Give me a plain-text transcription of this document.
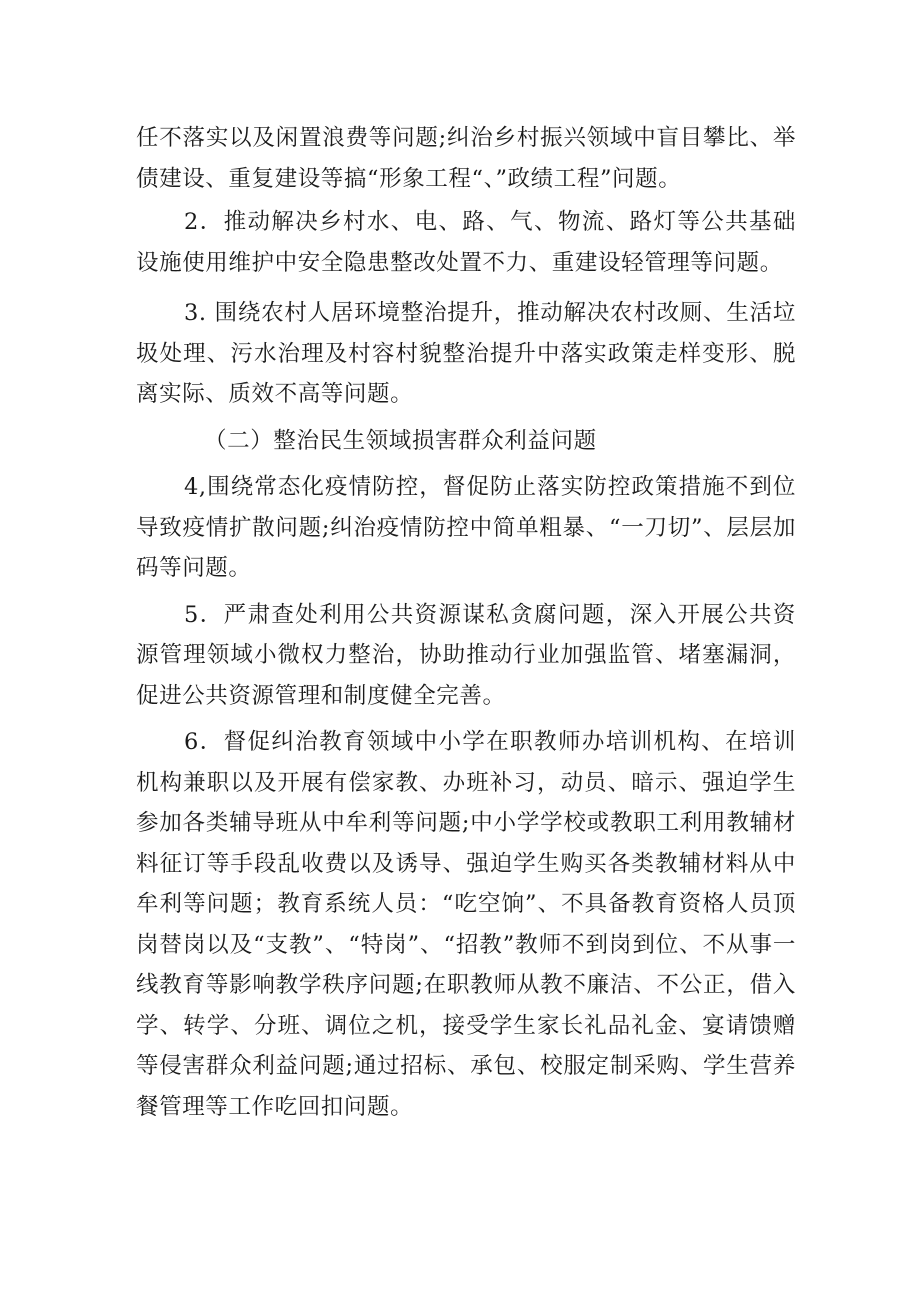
任不落实以及闲置浪费等问题;纠治乡村振兴领域中盲目攀比、举债建设、重复建设等搞“形象工程“、”政绩工程”问题。

2．推动解决乡村水、电、路、气、物流、路灯等公共基础设施使用维护中安全隐患整改处置不力、重建设轻管理等问题。

3. 围绕农村人居环境整治提升，推动解决农村改厕、生活垃圾处理、污水治理及村容村貌整治提升中落实政策走样变形、脱离实际、质效不高等问题。

（二）整治民生领域损害群众利益问题

4,围绕常态化疫情防控，督促防止落实防控政策措施不到位导致疫情扩散问题;纠治疫情防控中简单粗暴、“一刀切”、层层加码等问题。

5．严肃查处利用公共资源谋私贪腐问题，深入开展公共资源管理领域小微权力整治，协助推动行业加强监管、堵塞漏洞，促进公共资源管理和制度健全完善。

6．督促纠治教育领域中小学在职教师办培训机构、在培训机构兼职以及开展有偿家教、办班补习，动员、暗示、强迫学生参加各类辅导班从中牟利等问题;中小学学校或教职工利用教辅材料征订等手段乱收费以及诱导、强迫学生购买各类教辅材料从中牟利等问题；教育系统人员：“吃空饷”、不具备教育资格人员顶岗替岗以及“支教”、“特岗”、“招教”教师不到岗到位、不从事一线教育等影响教学秩序问题;在职教师从教不廉洁、不公正，借入学、转学、分班、调位之机，接受学生家长礼品礼金、宴请馈赠等侵害群众利益问题;通过招标、承包、校服定制采购、学生营养餐管理等工作吃回扣问题。
